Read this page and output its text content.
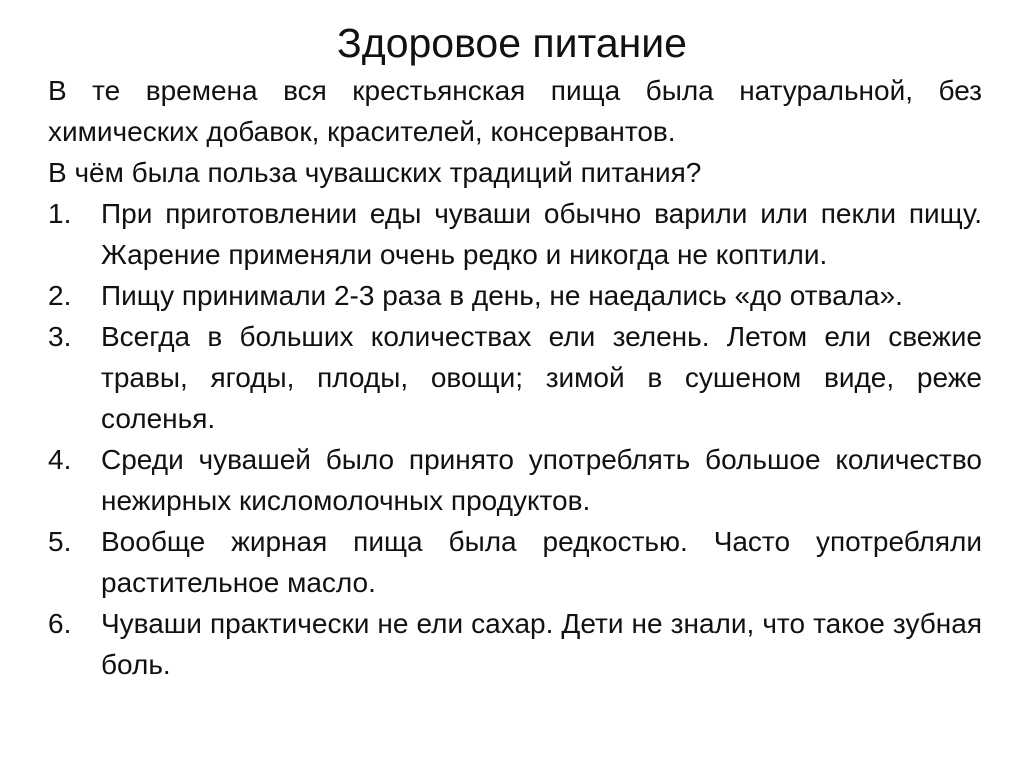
Здоровое питание

В те времена вся крестьянская пища была натуральной, без химических добавок, красителей, консервантов.

В чём была польза чувашских традиций питания?

1. При приготовлении еды чуваши обычно варили или пекли пищу. Жарение применяли очень редко и никогда не коптили.
2. Пищу принимали 2-3 раза в день, не наедались «до отвала».
3. Всегда в больших количествах ели зелень. Летом ели свежие травы, ягоды, плоды, овощи; зимой в сушеном виде, реже соленья.
4. Среди чувашей было принято употреблять большое количество нежирных кисломолочных продуктов.
5. Вообще жирная пища была редкостью. Часто употребляли растительное масло.
6. Чуваши практически не ели сахар. Дети не знали, что такое зубная боль.
